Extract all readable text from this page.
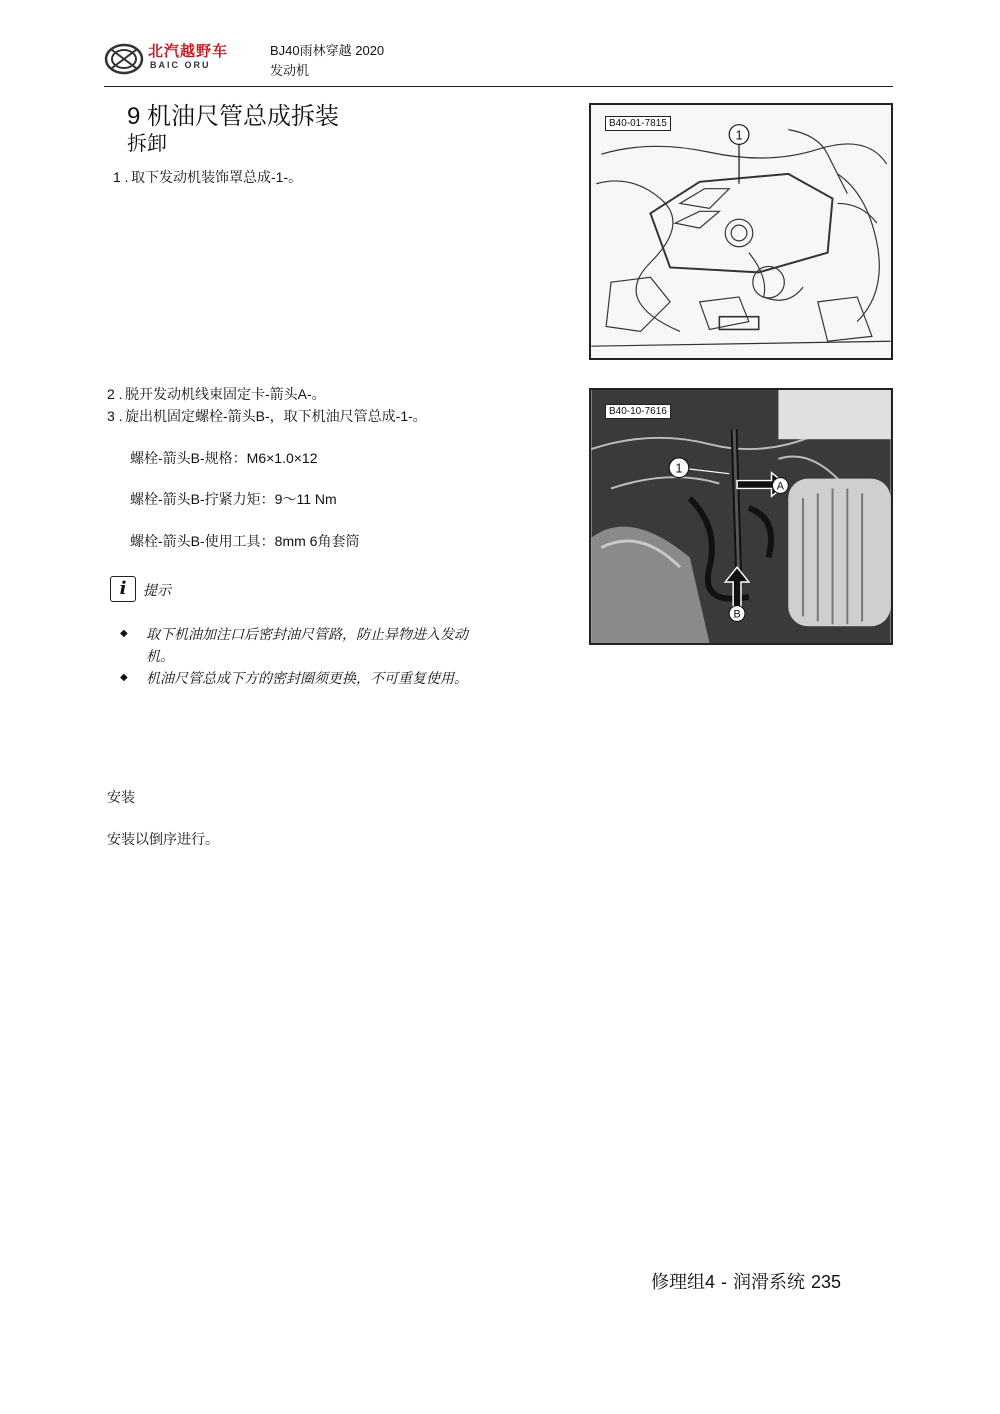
北汽越野车
BAIC ORU
BJ40雨林穿越 2020
发动机
9 机油尺管总成拆装
拆卸
1 . 取下发动机装饰罩总成-1-。
2 . 脱开发动机线束固定卡-箭头A-。
3 . 旋出机固定螺栓-箭头B-，取下机油尺管总成-1-。
螺栓-箭头B-规格：M6×1.0×12
螺栓-箭头B-拧紧力矩：9～11 Nm
螺栓-箭头B-使用工具：8mm 6角套筒
i	提示
◆ 取下机油加注口后密封油尺管路，防止异物进入发动机。
◆ 机油尺管总成下方的密封圈须更换，不可重复使用。
安装
安装以倒序进行。
1
B40-01-7815
1
A
B
B40-10-7616
修理组4 - 润滑系统 235
